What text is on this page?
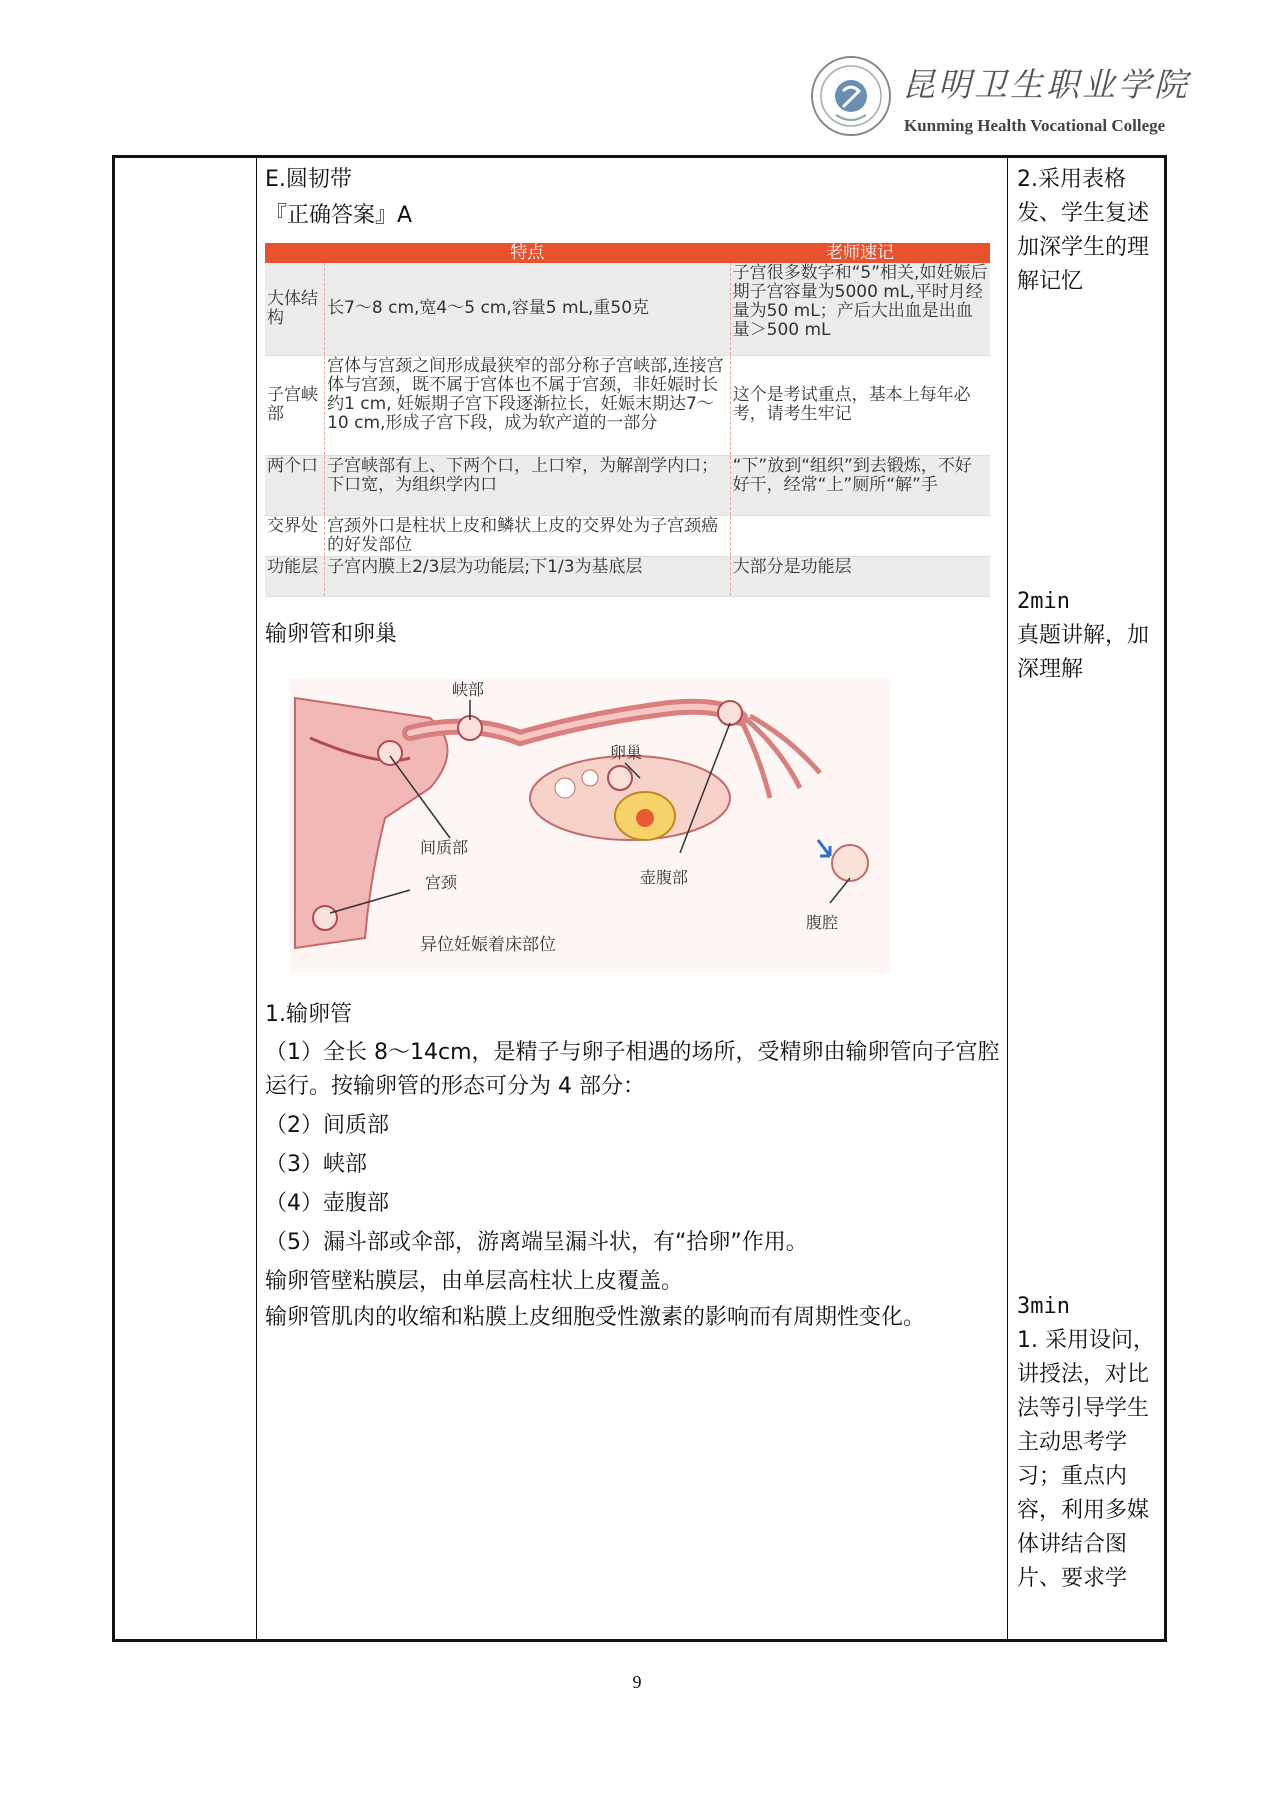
昆明卫生职业学院
Kunming Health Vocational College

E.圆韧带

『正确答案』A

	特点	老师速记
大体结构	长7～8 cm,宽4～5 cm,容量5 mL,重50克	子宫很多数字和“5”相关,如妊娠后期子宫容量为5000 mL,平时月经量为50 mL；产后大出血是出血量＞500 mL
子宫峡部	宫体与宫颈之间形成最狭窄的部分称子宫峡部,连接宫体与宫颈，既不属于宫体也不属于宫颈，非妊娠时长约1 cm, 妊娠期子宫下段逐渐拉长，妊娠末期达7～10 cm,形成子宫下段，成为软产道的一部分	这个是考试重点，基本上每年必考，请考生牢记
两个口	子宫峡部有上、下两个口，上口窄，为解剖学内口；下口宽，为组织学内口	“下”放到“组织”到去锻炼，不好好干，经常“上”厕所“解”手
交界处	宫颈外口是柱状上皮和鳞状上皮的交界处为子宫颈癌的好发部位	
功能层	子宫内膜上2/3层为功能层;下1/3为基底层	大部分是功能层

输卵管和卵巢

峡部
卵巢
间质部
宫颈	壶腹部
腹腔
异位妊娠着床部位

1.输卵管

（1）全长 8～14cm，是精子与卵子相遇的场所，受精卵由输卵管向子宫腔运行。按输卵管的形态可分为 4 部分：

（2）间质部

（3）峡部

（4）壶腹部

（5）漏斗部或伞部，游离端呈漏斗状，有“拾卵”作用。

输卵管壁粘膜层，由单层高柱状上皮覆盖。

输卵管肌肉的收缩和粘膜上皮细胞受性激素的影响而有周期性变化。

2.采用表格发、学生复述加深学生的理解记忆

2min

真题讲解，加深理解

3min

1. 采用设问，讲授法，对比法等引导学生主动思考学习；重点内容，利用多媒体讲结合图片、要求学

9
